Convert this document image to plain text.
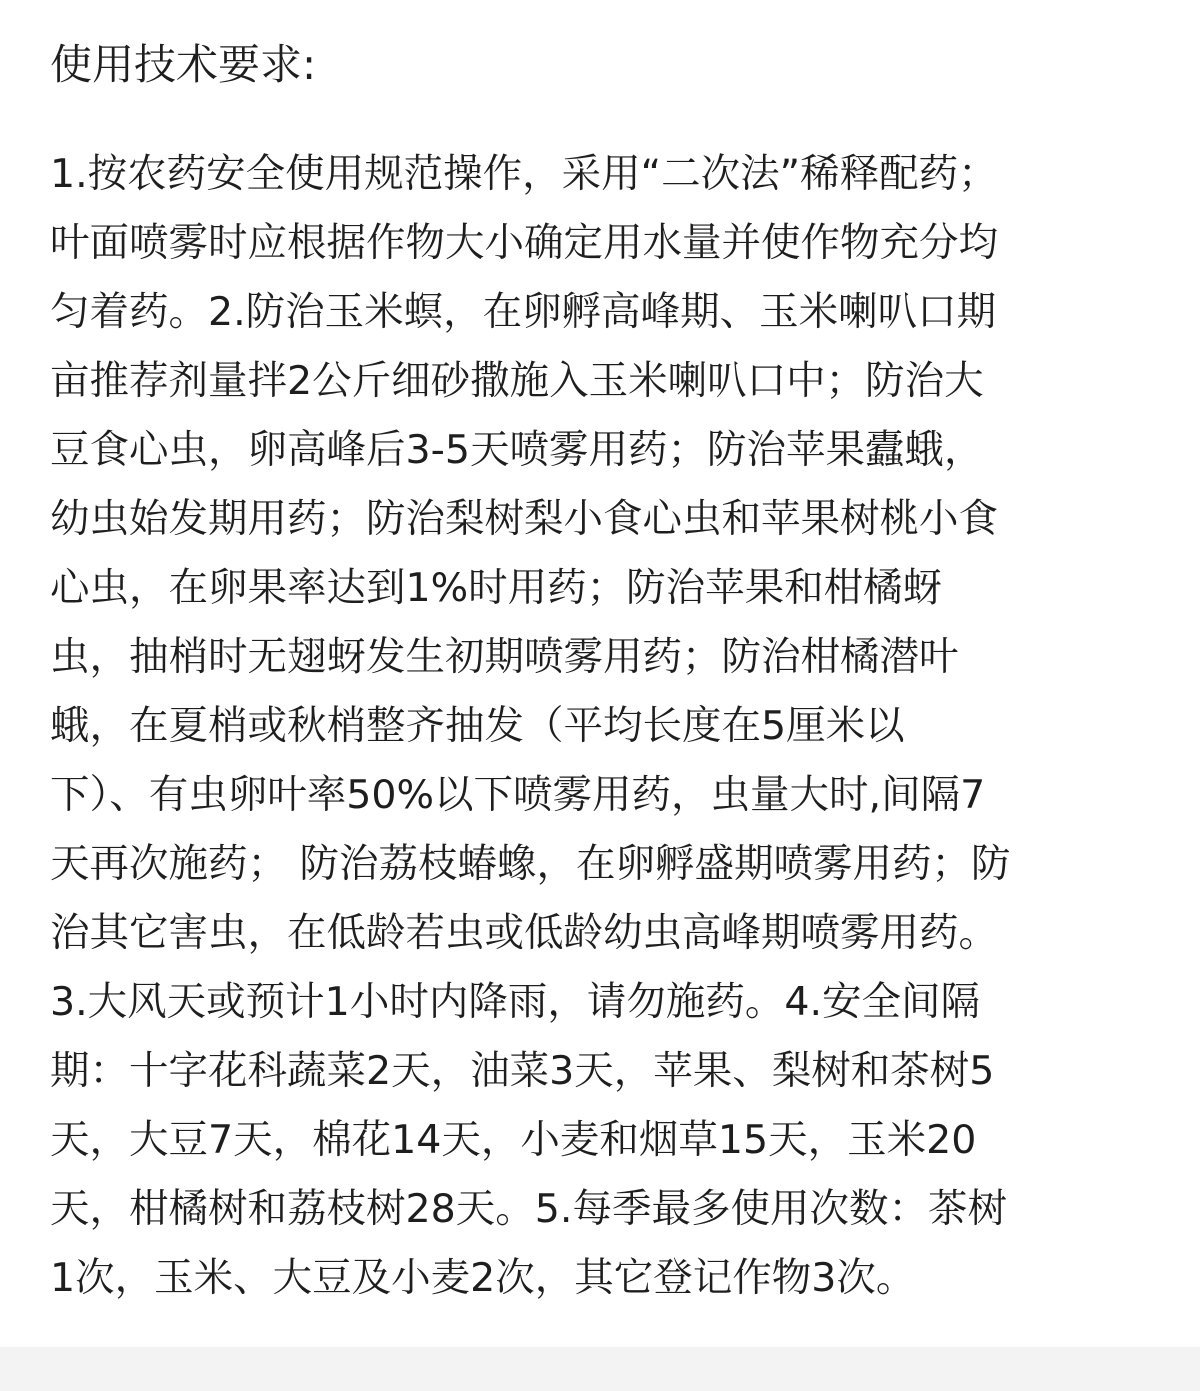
使用技术要求:
1.按农药安全使用规范操作，采用“二次法”稀释配药；
叶面喷雾时应根据作物大小确定用水量并使作物充分均
匀着药。2.防治玉米螟，在卵孵高峰期、玉米喇叭口期
亩推荐剂量拌2公斤细砂撒施入玉米喇叭口中；防治大
豆食心虫，卵高峰后3-5天喷雾用药；防治苹果蠹蛾，
幼虫始发期用药；防治梨树梨小食心虫和苹果树桃小食
心虫，在卵果率达到1%时用药；防治苹果和柑橘蚜
虫，抽梢时无翅蚜发生初期喷雾用药；防治柑橘潜叶
蛾，在夏梢或秋梢整齐抽发（平均长度在5厘米以
下）、有虫卵叶率50%以下喷雾用药，虫量大时,间隔7
天再次施药； 防治荔枝蝽蟓，在卵孵盛期喷雾用药；防
治其它害虫，在低龄若虫或低龄幼虫高峰期喷雾用药。
3.大风天或预计1小时内降雨，请勿施药。4.安全间隔
期：十字花科蔬菜2天，油菜3天，苹果、梨树和茶树5
天，大豆7天，棉花14天，小麦和烟草15天，玉米20
天，柑橘树和荔枝树28天。5.每季最多使用次数：茶树
1次，玉米、大豆及小麦2次，其它登记作物3次。
